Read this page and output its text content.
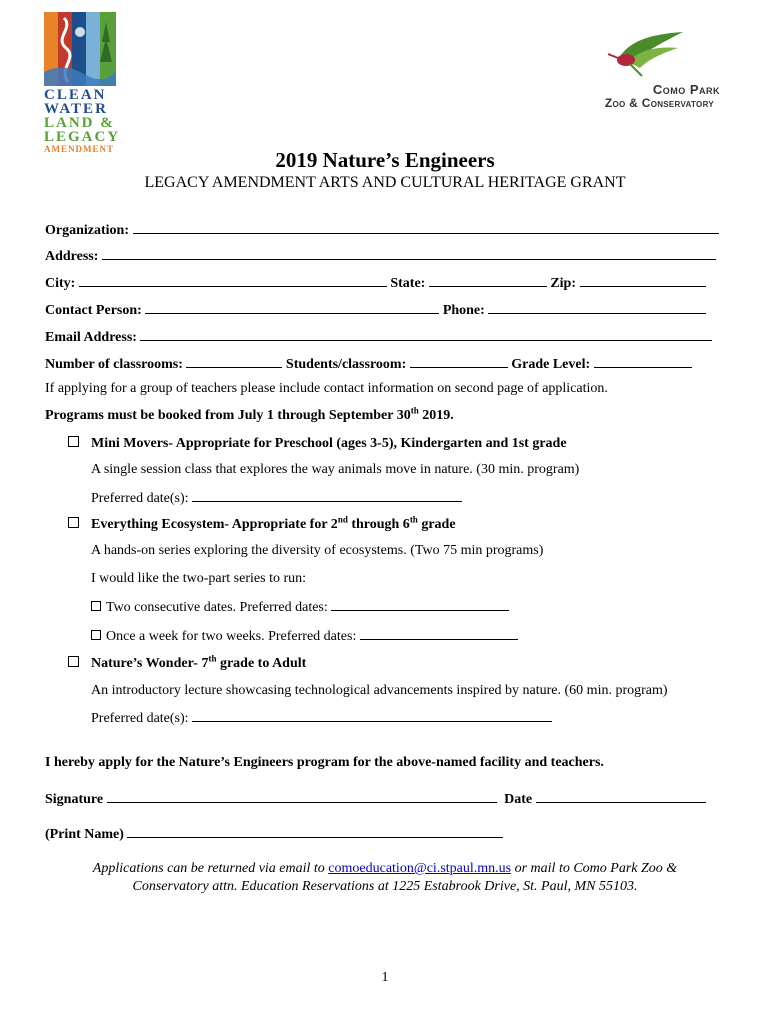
CLEAN
WATER
LAND &
LEGACY
AMENDMENT
Como Park
Zoo & Conservatory
2019 Nature’s Engineers
LEGACY AMENDMENT ARTS AND CULTURAL HERITAGE GRANT
Organization:
Address:
City:	State:	Zip:
Contact Person:	Phone:
Email Address:
Number of classrooms:	Students/classroom:	Grade Level:
If applying for a group of teachers please include contact information on second page of application.
Programs must be booked from July 1 through September 30th 2019.
Mini Movers- Appropriate for Preschool (ages 3-5), Kindergarten and 1st grade
A single session class that explores the way animals move in nature. (30 min. program)
Preferred date(s):
Everything Ecosystem- Appropriate for 2nd through 6th grade
A hands-on series exploring the diversity of ecosystems. (Two 75 min programs)
I would like the two-part series to run:
Two consecutive dates. Preferred dates:
Once a week for two weeks. Preferred dates:
Nature’s Wonder- 7th grade to Adult
An introductory lecture showcasing technological advancements inspired by nature. (60 min. program)
Preferred date(s):
I hereby apply for the Nature’s Engineers program for the above-named facility and teachers.
Signature	Date
(Print Name)
Applications can be returned via email to comoeducation@ci.stpaul.mn.us or mail to Como Park Zoo &
Conservatory attn. Education Reservations at 1225 Estabrook Drive, St. Paul, MN 55103.
1
